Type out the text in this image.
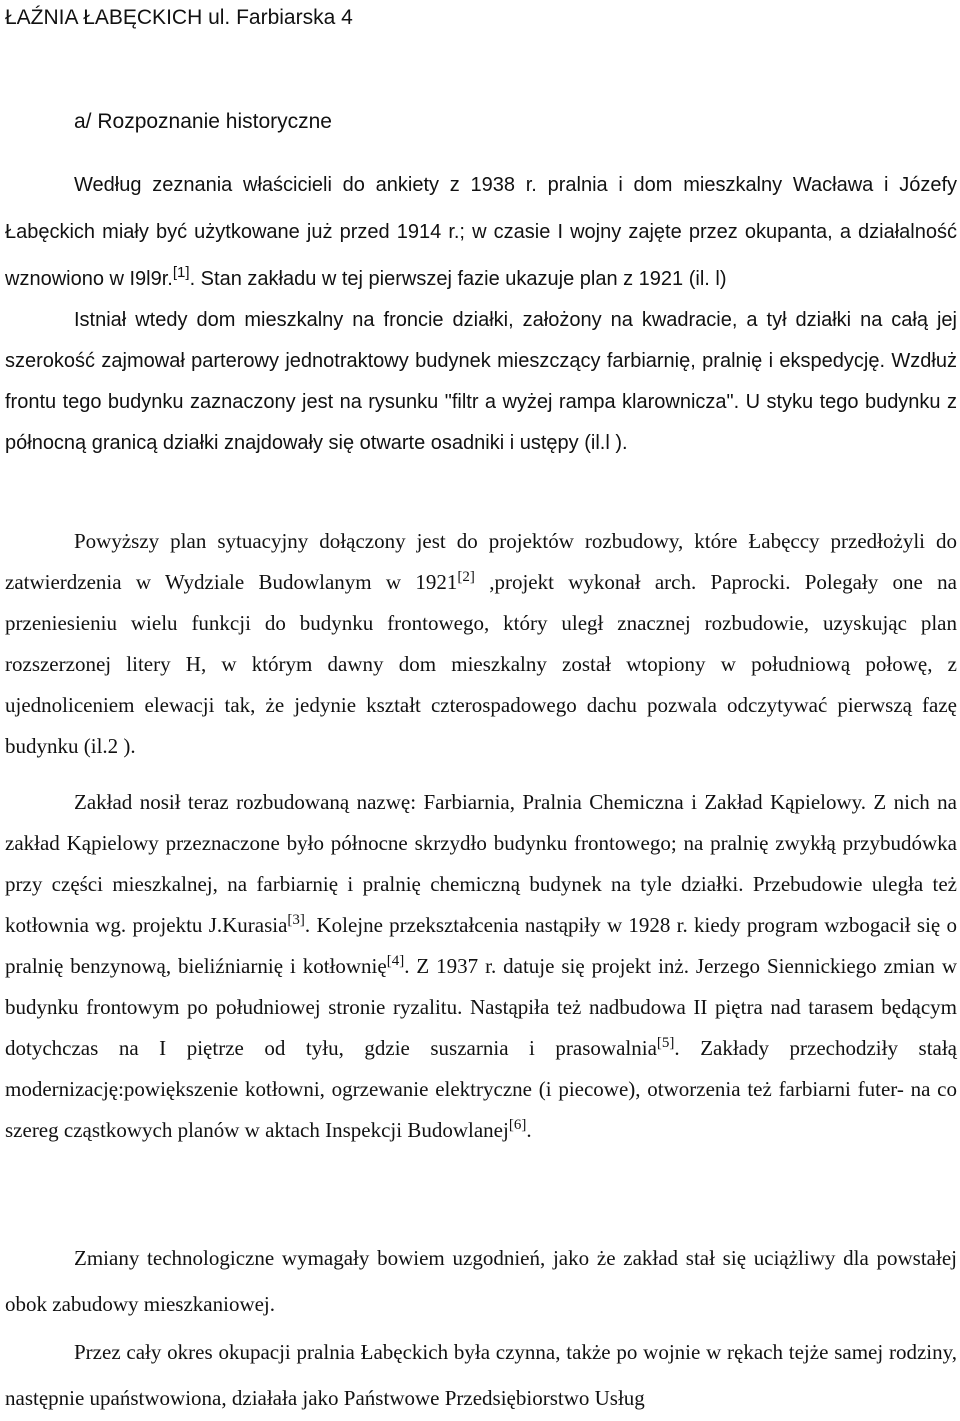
ŁAŹNIA ŁABĘCKICH ul. Farbiarska 4
a/ Rozpoznanie historyczne

Według zeznania właścicieli do ankiety z 1938 r. pralnia i dom mieszkalny Wacława i Józefy Łabęckich miały być użytkowane już przed 1914 r.; w czasie I wojny zajęte przez okupanta, a działalność wznowiono w I9l9r.[1]. Stan zakładu w tej pierwszej fazie ukazuje plan z 1921 (il. l)

Istniał wtedy dom mieszkalny na froncie działki, założony na kwadracie, a tył działki na całą jej szerokość zajmował parterowy jednotraktowy budynek mieszczący farbiarnię, pralnię i ekspedycję. Wzdłuż frontu tego budynku zaznaczony jest na rysunku "filtr a wyżej rampa klarownicza". U styku tego budynku z północną granicą działki znajdowały się otwarte osadniki i ustępy (il.l ).

Powyższy plan sytuacyjny dołączony jest do projektów rozbudowy, które Łabęccy przedłożyli do zatwierdzenia w Wydziale Budowlanym w 1921[2] ,projekt wykonał arch. Paprocki. Polegały one na przeniesieniu wielu funkcji do budynku frontowego, który uległ znacznej rozbudowie, uzyskując plan rozszerzonej litery H, w którym dawny dom mieszkalny został wtopiony w południową połowę, z ujednoliceniem elewacji tak, że jedynie kształt czterospadowego dachu pozwala odczytywać pierwszą fazę budynku (il.2 ).

Zakład nosił teraz rozbudowaną nazwę: Farbiarnia, Pralnia Chemiczna i Zakład Kąpielowy. Z nich na zakład Kąpielowy przeznaczone było północne skrzydło budynku frontowego; na pralnię zwykłą przybudówka przy części mieszkalnej, na farbiarnię i pralnię chemiczną budynek na tyle działki. Przebudowie uległa też kotłownia wg. projektu J.Kurasia[3]. Kolejne przekształcenia nastąpiły w 1928 r. kiedy program wzbogacił się o pralnię benzynową, bieliźniarnię i kotłownię[4]. Z 1937 r. datuje się projekt inż. Jerzego Siennickiego zmian w budynku frontowym po południowej stronie ryzalitu. Nastąpiła też nadbudowa II piętra nad tarasem będącym dotychczas na I piętrze od tyłu, gdzie suszarnia i prasowalnia[5]. Zakłady przechodziły stałą modernizację:powiększenie kotłowni, ogrzewanie elektryczne (i piecowe), otworzenia też farbiarni futer- na co szereg cząstkowych planów w aktach Inspekcji Budowlanej[6].

Zmiany technologiczne wymagały bowiem uzgodnień, jako że zakład stał się uciążliwy dla powstałej obok zabudowy mieszkaniowej.

Przez cały okres okupacji pralnia Łabęckich była czynna, także po wojnie w rękach tejże samej rodziny, następnie upaństwowiona, działała jako Państwowe Przedsiębiorstwo Usług
